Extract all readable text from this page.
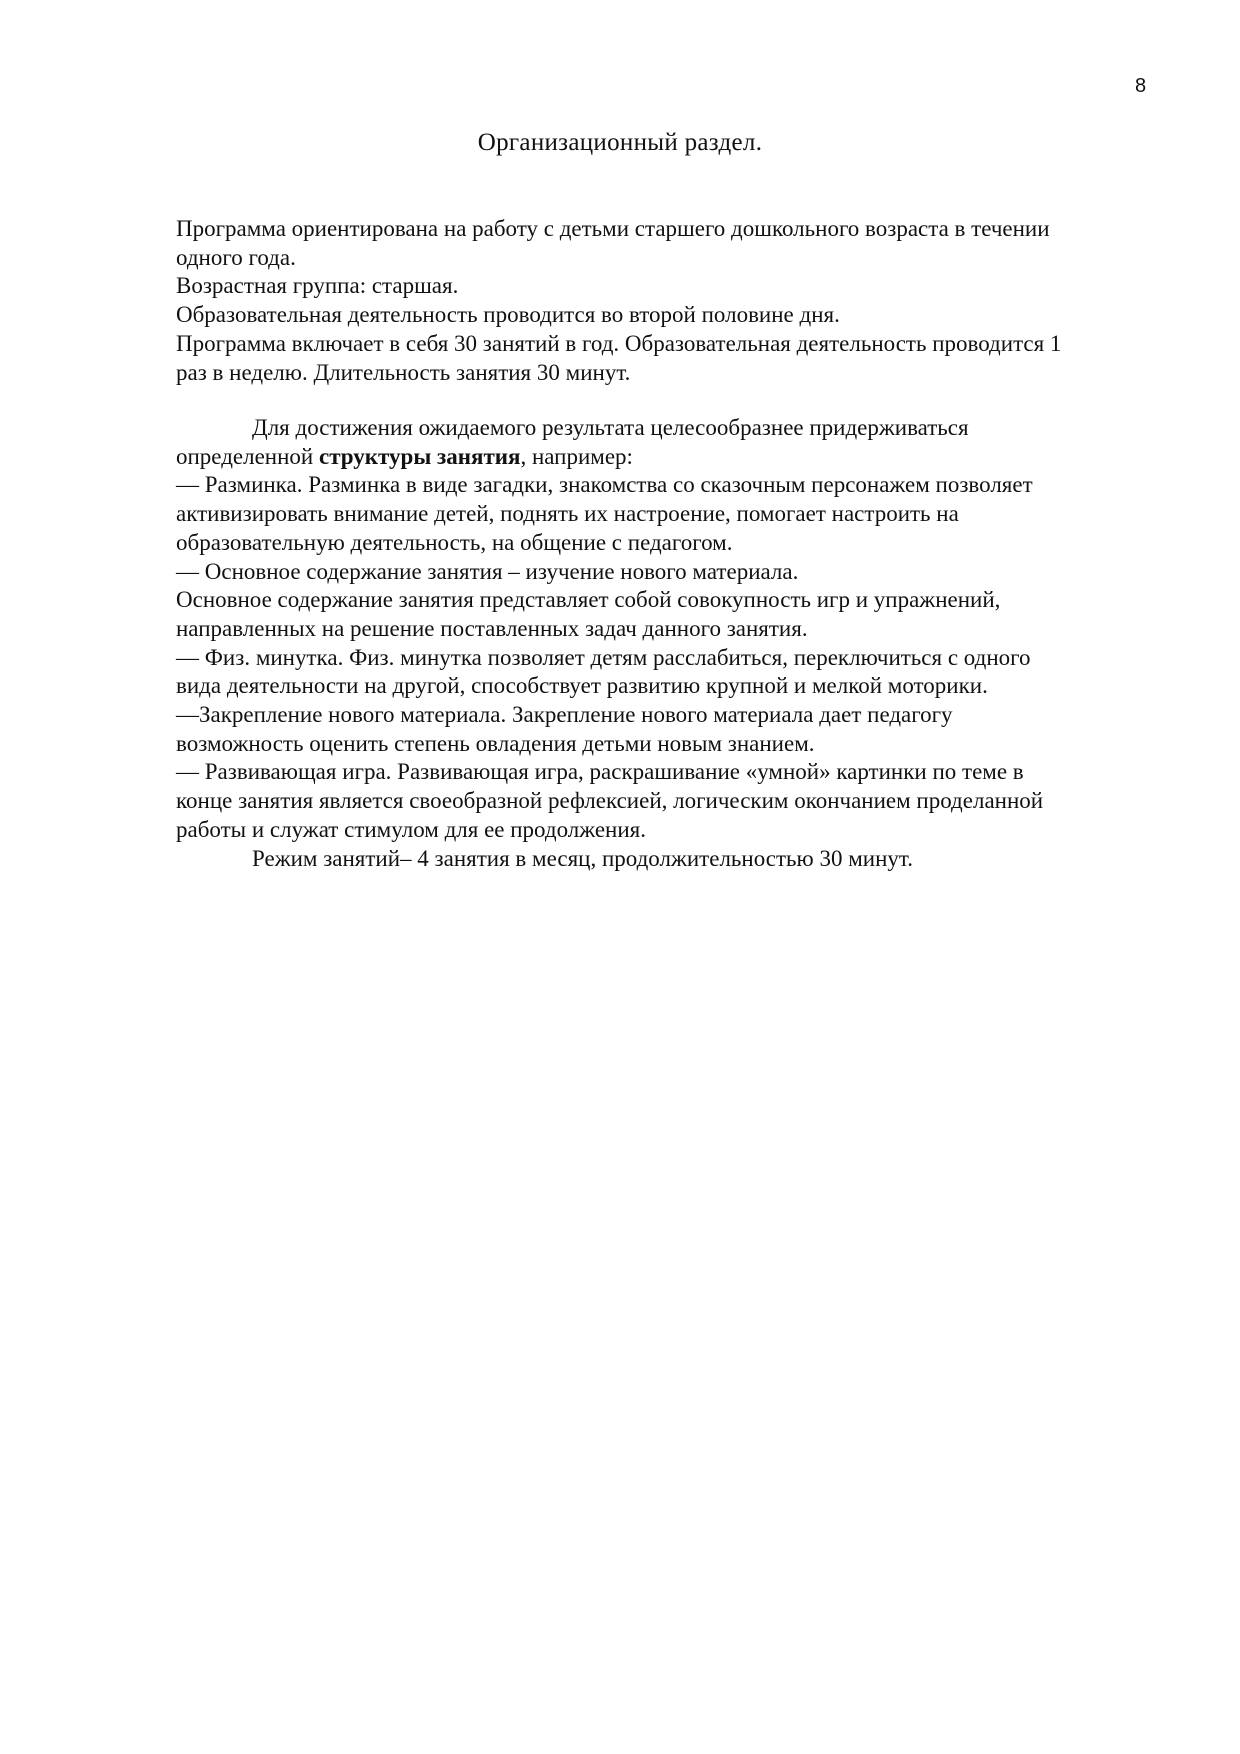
8
Организационный раздел.

Программа ориентирована на работу с детьми старшего дошкольного возраста в течении

одного года.

Возрастная группа: старшая.

Образовательная деятельность проводится во второй половине дня.

Программа включает в себя 30 занятий в год. Образовательная деятельность проводится 1

раз в неделю. Длительность занятия 30 минут.

Для достижения ожидаемого результата целесообразнее придерживаться

определенной структуры занятия, например:

— Разминка. Разминка в виде загадки, знакомства со сказочным персонажем позволяет

активизировать внимание детей, поднять их настроение, помогает настроить на

образовательную деятельность, на общение с педагогом.

— Основное содержание занятия – изучение нового материала.

Основное содержание занятия представляет собой совокупность игр и упражнений,

направленных на решение поставленных задач данного занятия.

— Физ. минутка. Физ. минутка позволяет детям расслабиться, переключиться с одного

вида деятельности на другой, способствует развитию крупной и мелкой моторики.

—Закрепление нового материала. Закрепление нового материала дает педагогу

возможность оценить степень овладения детьми новым знанием.

— Развивающая игра. Развивающая игра, раскрашивание «умной» картинки по теме в

конце занятия является своеобразной рефлексией, логическим окончанием проделанной

работы и служат стимулом для ее продолжения.

Режим занятий– 4 занятия в месяц, продолжительностью 30 минут.
